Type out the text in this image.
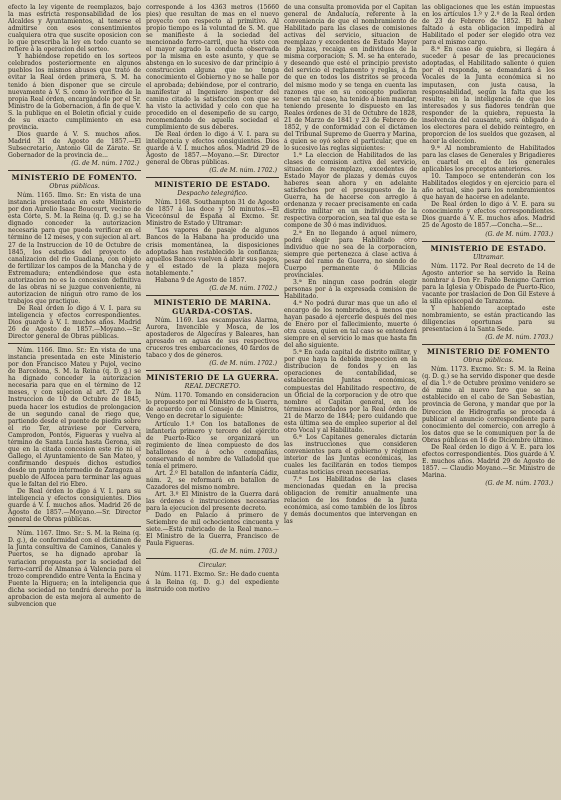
efecto la ley vigente de reemplazos, bajo la mas estricta responsabilidad de los Alcaldes y Ayuntamientos, al tenerse el admitirse con esos consentimientos cualquiera otra que suscite oposicion con lo que prescriba la ley en todo cuanto se refiere á la operacion del sorteo.

Y habiéndose repetido en los sorteos celebrados posteriormente en algunos pueblos los mismos abusos que trató de evitar la Real órden primera, S. M. ha tenido á bien disponer que se circule nuevamente á V. S. como lo verifico de la propia Real órden, encargándole por el Sr. Ministro de la Gobernacion, á fin de que V. S. la publique en el Boletin oficial y cuide de su exacto cumplimiento en esa provincia.

Dios guarde á V. S. muchos años. Madrid 31 de Agosto de 1857.—El Subsecretario, Antonio Gil de Zárate. Sr. Gobernador de la provincia de...

(G. de M. núm. 1702.)
MINISTERIO DE FOMENTO.
Obras públicas.

Núm. 1165. Ilmo. Sr.: En vista de una instancia presentada en este Ministerio por don Aurelio Isaac Boucourt, vecino de esta Córte, S. M. la Reina (q. D. g.) se ha dignado conceder la autorizacion necesaria para que pueda verificar en el término de 12 meses, y con sujecion al art. 27 de la Instruccion de 10 de Octubre de 1845, los estudios del proyecto de canalizacion del rio Guadiana, con objeto de fertilizar los campos de la Mancha y de Extremadura; entendiéndose que esta autorizacion no es la concesion definitiva de las obras ni se juzgue conveniente, ni autorizacion de ningun otro ramo de los trabajos que practique.

De Real órden lo digo á V. I. para su inteligencia y efectos correspondientes. Dios guarde á V. I. muchos años. Madrid 26 de Agosto de 1857.—Moyano.—Sr. Director general de Obras públicas.

Núm. 1166. Ilmo. Sr.: En vista de una instancia presentada en este Ministerio por don Francisco Mateu y Pujol, vecino de Barcelona, S. M. la Reina (q. D. g.) se ha dignado conceder la autorizacion necesaria para que en el término de 12 meses, y con sujecion al art. 27 de la Instruccion de 10 de Octubre de 1845, pueda hacer los estudios de prolongacion de un segundo canal de riego que, partiendo desde el puente de piedra sobre el rio Ter, atraviese por Cervera, Camprodon, Pontós, Figueras y vuelva al término de Santa Lucía hasta Gerona, sin que en la citada concesion este río ni el Gallego, el Ayuntamiento de San Mateo, y confirmando después dichos estudios desde un punto intermedio de Zaragoza al pueblo de Alfocea para terminar las aguas que le faltan del rio Ebro.

De Real órden lo digo á V. I. para su inteligencia y efectos consiguientes. Dios guarde á V. I. muchos años. Madrid 26 de Agosto de 1857.—Moyano.—Sr. Director general de Obras públicas.

Núm. 1167. Ilmo. Sr.: S. M. la Reina (q. D. g.), de conformidad con el dictámen de la Junta consultiva de Caminos, Canales y Puertos, se ha dignado aprobar la variacion propuesta por la sociedad del ferro-carril de Almansa á Valencia para el trozo comprendido entre Venta la Encina y Fuente la Higuera; en la inteligencia que dicha sociedad no tendrá derecho por la aprobacion de esta mejora al aumento de subvencion que

corresponde á los 4363 metros (15660 pies) que resultan de mas en el nuevo proyecto con respecto al primitivo. Al propio tiempo es la voluntad de S. M. que se manifieste á la sociedad del mencionado ferro-carril, que ha visto con el mayor agrado la conducta observada por la misma en este asunto, y que se abstenga en lo sucesivo de dar principio á construccion alguna que no tenga conocimiento el Gobierno y no se halle por el aprobada; debiéndose, por el contrario, manifestar al Ingeniero inspector del camino citado la satisfaccion con que se ha visto la actividad y celo con que ha procedido en el desempeño de su cargo, recomendando de aquella sociedad el cumplimiento de sus deberes.

De Real órden lo digo á V. I. para su inteligencia y efectos consiguientes. Dios guarde á V. I. muchos años. Madrid 29 de Agosto de 1857.—Moyano.—Sr. Director general de Obras públicas.

(G. de M. núm. 1702.)
MINISTERIO DE ESTADO.
Despacho telegráfico.

Núm. 1168. Southampton 31 de Agosto de 1857 á las doce y 50 minutos.—El Vicecónsul de España al Excmo. Sr. Ministro de Estado y Ultramar:

"Los vapores de pasaje de algunos Bancos de la Habana ha producido una crisis momentánea, la disposiciones adoptadas han restablecido la confianza; aquellos Bancos vuelven á abrir sus pagos, y el estado de la plaza mejora notablemente."

Habana 9 de Agosto de 1857.

(G. de M. núm. 1702.)
MINISTERIO DE MARINA.
GUARDA-COSTAS.

Núm. 1169. Las escampavías Alarma, Aurora, Invencible y Mosca, de los apostaderos de Algeciras y Baleares, han apresado en aguas de sus respectivos cruceros tres embarcaciones, 40 fardos de tabaco y dos de géneros.

(G. de M. núm. 1702.)
MINISTERIO DE LA GUERRA.
REAL DECRETO.

Núm. 1170. Tomando en consideracion lo propuesto por mi Ministro de la Guerra, de acuerdo con el Consejo de Ministros, Vengo en decretar lo siguiente:

Artículo 1.º Con los batallones de infantería primero y tercero del ejército de Puerto-Rico se organizará un regimiento de línea compuesto de dos batallones de á ocho compañías, conservando el nombre de Valladolid que tenía el primero.

Art. 2.º El batallon de infantería Cádiz, núm. 2, se reformará en batallon de Cazadores del mismo nombre.

Art. 3.º El Ministro de la Guerra dará las órdenes é instrucciones necesarias para la ejecucion del presente decreto.

Dado en Palacio á primero de Setiembre de mil ochocientos cincuenta y siete.—Está rubricado de la Real mano.—El Ministro de la Guerra, Francisco de Paula Figueras.

(G. de M. núm. 1703.)
Circular.

Núm. 1171. Excmo. Sr.: He dado cuenta á la Reina (q. D. g.) del expediente instruido con motivo

de una consulta promovida por el Capitan general de Andalucía, referente á la conveniencia de que el nombramiento de Habilitado para las clases de comisiones activas del servicio, situacion de reemplazo y excedentes de Estado Mayor de plazas, recaiga en individuos de la misma corporacion; S. M. se ha enterado, y deseando que esté el principio previsto del servicio el reglamento y reglas, á fin de que en todos los distritos se proceda del mismo modo y se tenga en cuenta las razones que en su concepto pudieran tener en tal caso, ha tenido á bien mandar, teniendo presente lo dispuesto en las Reales órdenes de 31 de Octubre de 1828, 21 de Marzo de 1841 y 23 de Febrero de 1852, y de conformidad con el dictámen del Tribunal Supremo de Guerra y Marina, á quien se oyó sobre el particular, que en lo sucesivo las reglas siguientes:

1.ª La eleccion de Habilitados de las clases de comision activa del servicio, situacion de reemplazo, excedentes de Estado Mayor de plazas y demás cuyos haberes sean ahora y en adelante satisfechos por el presupuesto de la Guerra, ha de hacerse con arreglo á ordenanza y recaer precisamente en cada distrito militar en un individuo de la respectiva corporacion, sea tal que esta se compone de 30 ó mas individuos.

2.ª En no llegando á aquel número, podrá elegir para Habilitado otro individuo que no sea de la corporacion, siempre que pertenezca á clase activa á pesar del ramo de Guerra, no siendo de Cuerpo permanente ó Milicias provinciales.

3.ª En ningun caso podrán elegir personas por á la expresada comision de Habilitado.

4.ª No podrá durar mas que un año el encargo de los nombrados, á menos que hayan pasado á ejercerle después del mes de Enero por el fallecimiento, muerte ó otra causa, quien en tal caso se entenderá siempre en el servicio lo mas que hasta fin del año siguiente.

5.ª En cada capital de distrito militar, y por que haya la debida inspeccion en la distribucion de fondos y en las operaciones de contabilidad, se establecerán Juntas económicas, compuestas del Habilitado respectivo, de un Oficial de la corporacion y de otro que nombre el Capitan general, en los términos acordados por la Real órden de 21 de Marzo de 1844; pero cuidando que esta última sea de empleo superior al del otro Vocal y al Habilitado.

6.ª Los Capitanes generales dictarán las instrucciones que consideren convenientes para el gobierno y régimen interior de las Juntas económicas, las cuales les facilitarán en todos tiempos cuantas noticias crean necesarias.

7.ª Los Habilitados de las clases mencionadas quedan en la precisa obligacion de remitir anualmente una relacion de los fondos de la Junta económica, así como también de los libros y demás documentos que intervengan en las

las obligaciones que les están impuestas en los artículos 1.º y 2.º de la Real órden de 23 de Febrero de 1852. El haber faltado á esta obligacion impedirá al Habilitado el poder ser elegido otra vez para el mismo cargo.

8.ª En caso de quiebra, si llegára á suceder á pesar de las precauciones adoptadas, el Habilitado saliente ó quien por él responda, se demandará á los Vocales de la Junta económica si no imputasen, con justa causa, la responsabilidad, según la falta que les resulte; en la inteligencia de que los interesados y sus fiadores tendrán que responder de la quiebra, repuesta la insolvencia del causante, será obligado á los electores para el debido reintegro, en proporcion de los sueldos que gozasen, al hacer la eleccion.

9.ª Al nombramiento de Habilitados para las clases de Generales y Brigadieres en cuartel en el de los generales aplicables los preceptos anteriores.

10. Tampoco se entenderán con los Habilitados elegidos y en ejercicio para el año actual, sino para los nombramientos que hayan de hacerse en adelante.

De Real órden lo digo á V. E. para su conocimiento y efectos correspondientes. Dios guarde á V. E. muchos años. Madrid 25 de Agosto de 1857.—Concha.—Sr....

(G. de M. núm. 1703.)
MINISTERIO DE ESTADO.
Ultramar.

Núm. 1172. Por Real decreto de 14 de Agosto anterior se ha servido la Reina nombrar á Don Fr. Pablo Benigno Carrion para la Iglesia y Obispado de Puerto-Rico, vacante por traslacion de Don Gil Esteve á la silla episcopal de Tarazona.

Y habiendo aceptado este nombramiento, se están practicando las diligencias oportunas para su presentacion á la Santa Sede.

(G. de M. núm. 1703.)
MINISTERIO DE FOMENTO
Obras públicas.

Núm. 1173. Excmo. Sr.: S. M. la Reina (q. D. g.) se ha servido disponer que desde el dia 1.º de Octubre próximo venidero se dé mine al nuevo faro que se ha establecido en el cabo de San Sebastian, provincia de Gerona, y mandar que por la Direccion de Hidrografía se proceda á publicar el anuncio correspondiente para conocimiento del comercio, con arreglo á los datos que se le comuniquen por la de Obras públicas en 16 de Diciembre último.

De Real órden lo digo á V. E. para los efectos correspondientes. Dios guarde á V. E. muchos años. Madrid 29 de Agosto de 1857. — Claudio Moyano.—Sr. Ministro de Marina.

(G. de M. núm. 1703.)
